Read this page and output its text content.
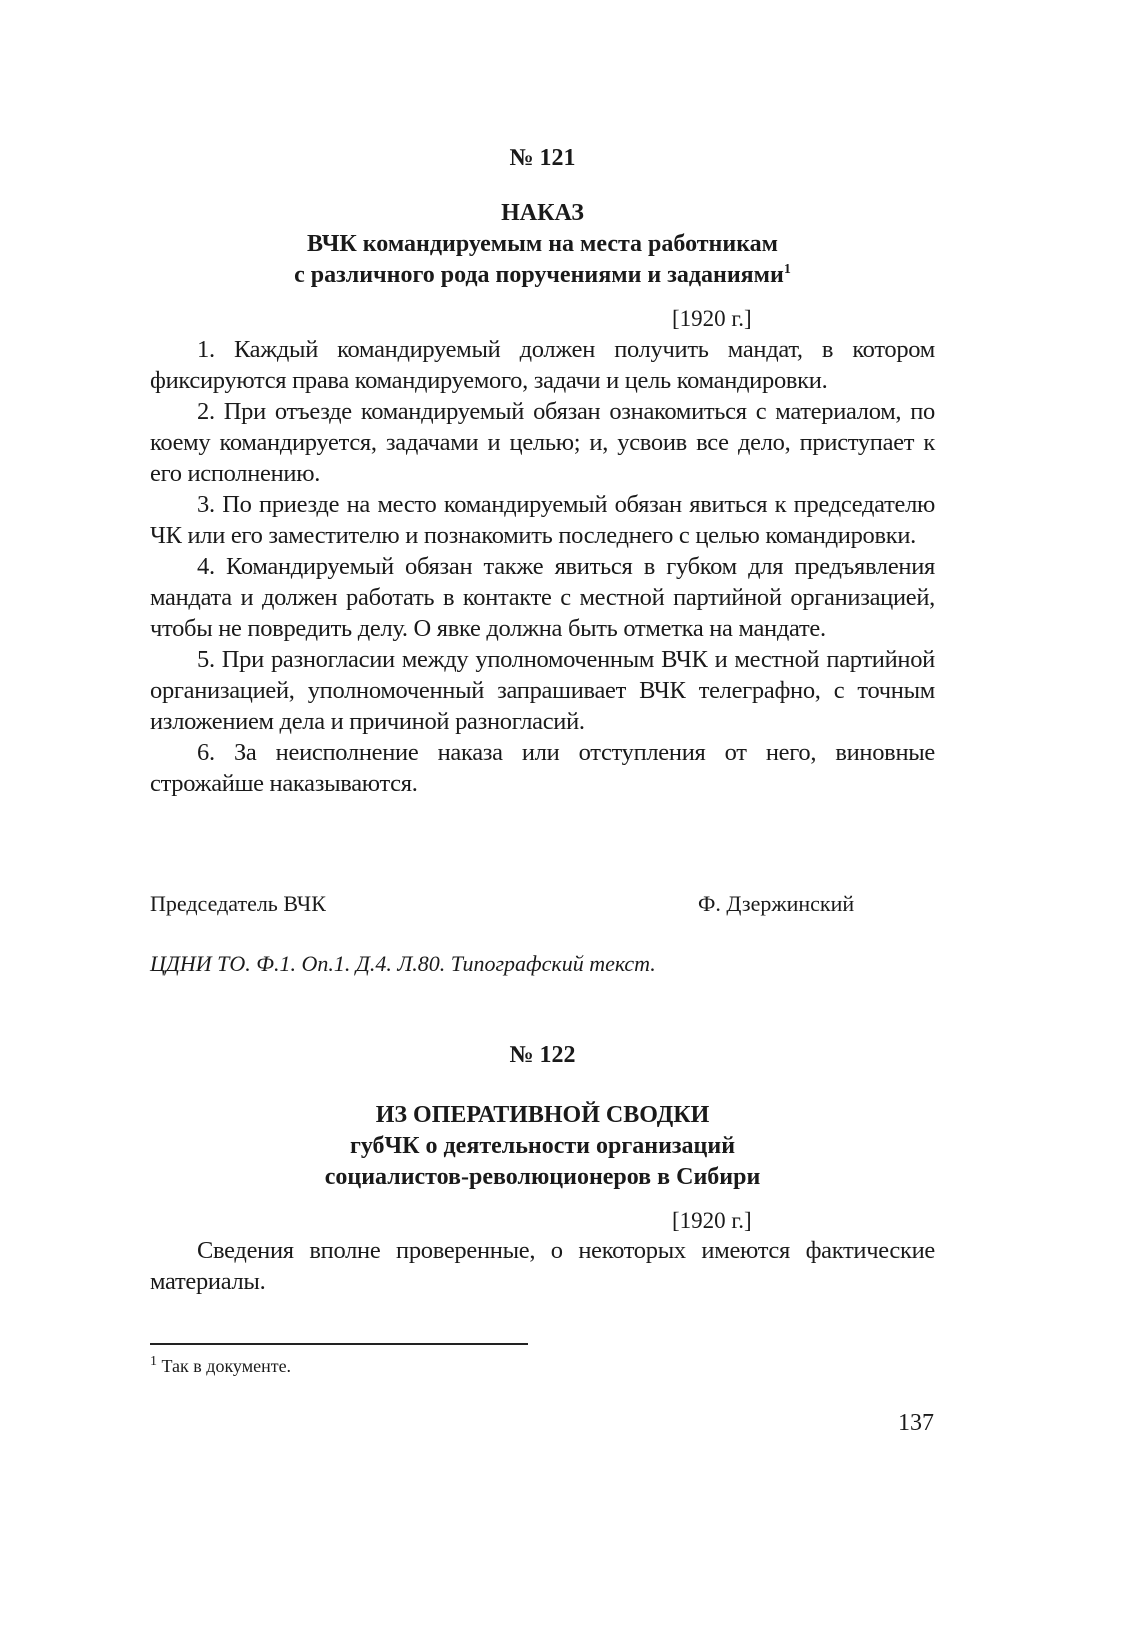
№ 121
НАКАЗ
ВЧК командируемым на места работникам
с различного рода поручениями и заданиями$^1$
[1920 г.]

1. Каждый командируемый должен получить мандат, в котором фиксируются права командируемого, задачи и цель командировки.

2. При отъезде командируемый обязан ознакомиться с материалом, по коему командируется, задачами и целью; и, усвоив все дело, приступает к его исполнению.

3. По приезде на место командируемый обязан явиться к председателю ЧК или его заместителю и познакомить последнего с целью командировки.

4. Командируемый обязан также явиться в губком для предъявления мандата и должен работать в контакте с местной партийной организацией, чтобы не повредить делу. О явке должна быть отметка на мандате.

5. При разногласии между уполномоченным ВЧК и местной партийной организацией, уполномоченный запрашивает ВЧК телеграфно, с точным изложением дела и причиной разногласий.

6. За неисполнение наказа или отступления от него, виновные строжайше наказываются.

Председатель ВЧК	Ф. Дзержинский
ЦДНИ ТО. Ф.1. Оп.1. Д.4. Л.80. Типографский текст.
№ 122
ИЗ ОПЕРАТИВНОЙ СВОДКИ
губЧК о деятельности организаций
социалистов-революционеров в Сибири
[1920 г.]

Сведения вполне проверенные, о некоторых имеются фактические материалы.

$^1$ Так в документе.
137
